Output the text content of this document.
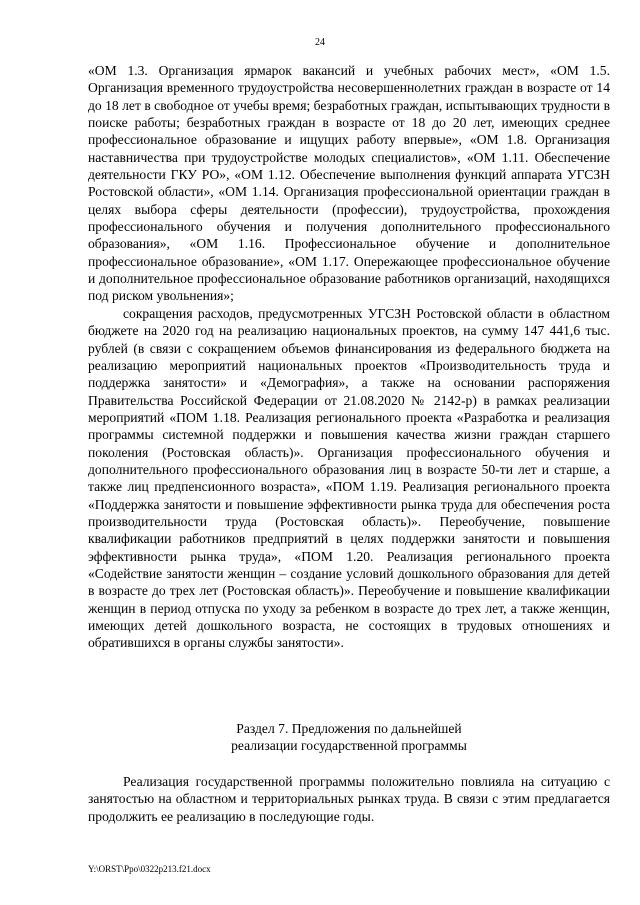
24

«ОМ 1.3. Организация ярмарок вакансий и учебных рабочих мест», «ОМ 1.5. Организация временного трудоустройства несовершеннолетних граждан в возрасте от 14 до 18 лет в свободное от учебы время; безработных граждан, испытывающих трудности в поиске работы; безработных граждан в возрасте от 18 до 20 лет, имеющих среднее профессиональное образование и ищущих работу впервые», «ОМ 1.8. Организация наставничества при трудоустройстве молодых специалистов», «ОМ 1.11. Обеспечение деятельности ГКУ РО», «ОМ 1.12. Обеспечение выполнения функций аппарата УГСЗН Ростовской области», «ОМ 1.14. Организация профессиональной ориентации граждан в целях выбора сферы деятельности (профессии), трудоустройства, прохождения профессионального обучения и получения дополнительного профессионального образования», «ОМ 1.16. Профессиональное обучение и дополнительное профессиональное образование», «ОМ 1.17. Опережающее профессиональное обучение и дополнительное профессиональное образование работников организаций, находящихся под риском увольнения»;

сокращения расходов, предусмотренных УГСЗН Ростовской области в областном бюджете на 2020 год на реализацию национальных проектов, на сумму 147 441,6 тыс. рублей (в связи с сокращением объемов финансирования из федерального бюджета на реализацию мероприятий национальных проектов «Производительность труда и поддержка занятости» и «Демография», а также на основании распоряжения Правительства Российской Федерации от 21.08.2020 № 2142-р) в рамках реализации мероприятий «ПОМ 1.18. Реализация регионального проекта «Разработка и реализация программы системной поддержки и повышения качества жизни граждан старшего поколения (Ростовская область)». Организация профессионального обучения и дополнительного профессионального образования лиц в возрасте 50-ти лет и старше, а также лиц предпенсионного возраста», «ПОМ 1.19. Реализация регионального проекта «Поддержка занятости и повышение эффективности рынка труда для обеспечения роста производительности труда (Ростовская область)». Переобучение, повышение квалификации работников предприятий в целях поддержки занятости и повышения эффективности рынка труда», «ПОМ 1.20. Реализация регионального проекта «Содействие занятости женщин – создание условий дошкольного образования для детей в возрасте до трех лет (Ростовская область)». Переобучение и повышение квалификации женщин в период отпуска по уходу за ребенком в возрасте до трех лет, а также женщин, имеющих детей дошкольного возраста, не состоящих в трудовых отношениях и обратившихся в органы службы занятости».

Раздел 7. Предложения по дальнейшей
реализации государственной программы

Реализация государственной программы положительно повлияла на ситуацию с занятостью на областном и территориальных рынках труда. В связи с этим предлагается продолжить ее реализацию в последующие годы.

Y:\ORST\Ppo\0322p213.f21.docx
